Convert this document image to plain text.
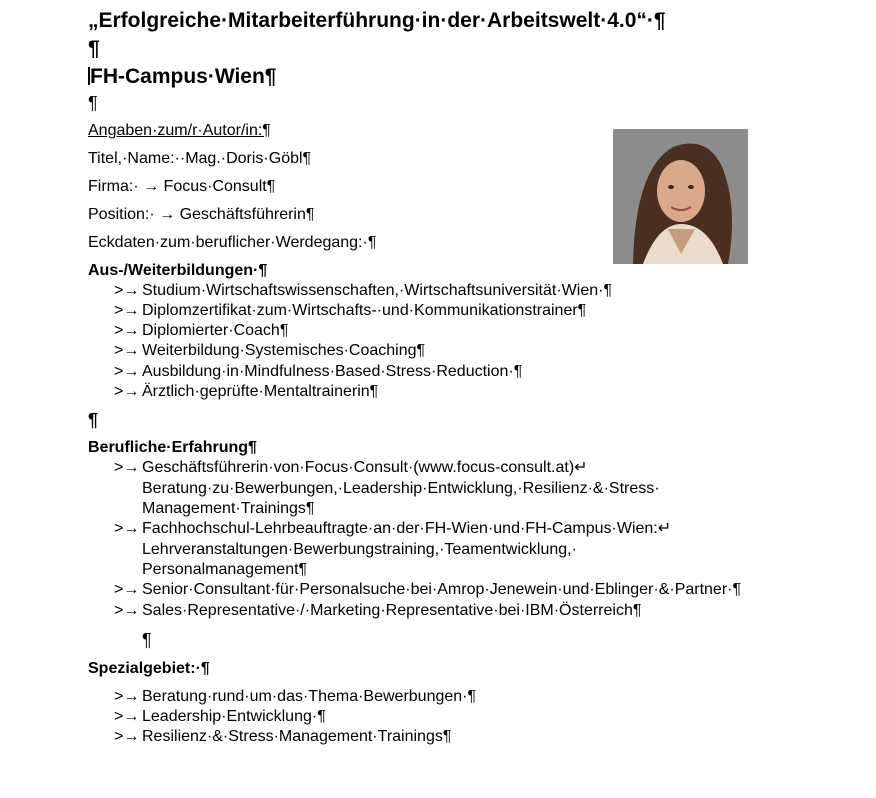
„Erfolgreiche·Mitarbeiterführung·in·der·Arbeitswelt·4.0“·¶
¶
FH-Campus·Wien¶
¶
Angaben·zum/r·Autor/in:¶
Titel,·Name:··Mag.·Doris·Göbl¶
Firma:· → Focus·Consult¶
Position:· → Geschäftsführerin¶
Eckdaten·zum·beruflicher·Werdegang:·¶
Aus-/Weiterbildungen·¶
>→ Studium·Wirtschaftswissenschaften,·Wirtschaftsuniversität·Wien·¶
>→ Diplomzertifikat·zum·Wirtschafts-·und·Kommunikationstrainer¶
>→ Diplomierter·Coach¶
>→ Weiterbildung·Systemisches·Coaching¶
>→ Ausbildung·in·Mindfulness·Based·Stress·Reduction·¶
>→ Ärztlich·geprüfte·Mentaltrainerin¶
¶
Berufliche·Erfahrung¶
>→ Geschäftsführerin·von·Focus·Consult·(www.focus-consult.at)↵
Beratung·zu·Bewerbungen,·Leadership·Entwicklung,·Resilienz·&·Stress·
Management·Trainings¶
>→ Fachhochschul-Lehrbeauftragte·an·der·FH-Wien·und·FH-Campus·Wien:↵
Lehrveranstaltungen·Bewerbungstraining,·Teamentwicklung,·
Personalmanagement¶
>→ Senior·Consultant·für·Personalsuche·bei·Amrop·Jenewein·und·Eblinger·&·Partner·¶
>→ Sales·Representative·/·Marketing·Representative·bei·IBM·Österreich¶
¶
Spezialgebiet:·¶
>→ Beratung·rund·um·das·Thema·Bewerbungen·¶
>→ Leadership·Entwicklung·¶
>→ Resilienz·&·Stress·Management·Trainings¶
